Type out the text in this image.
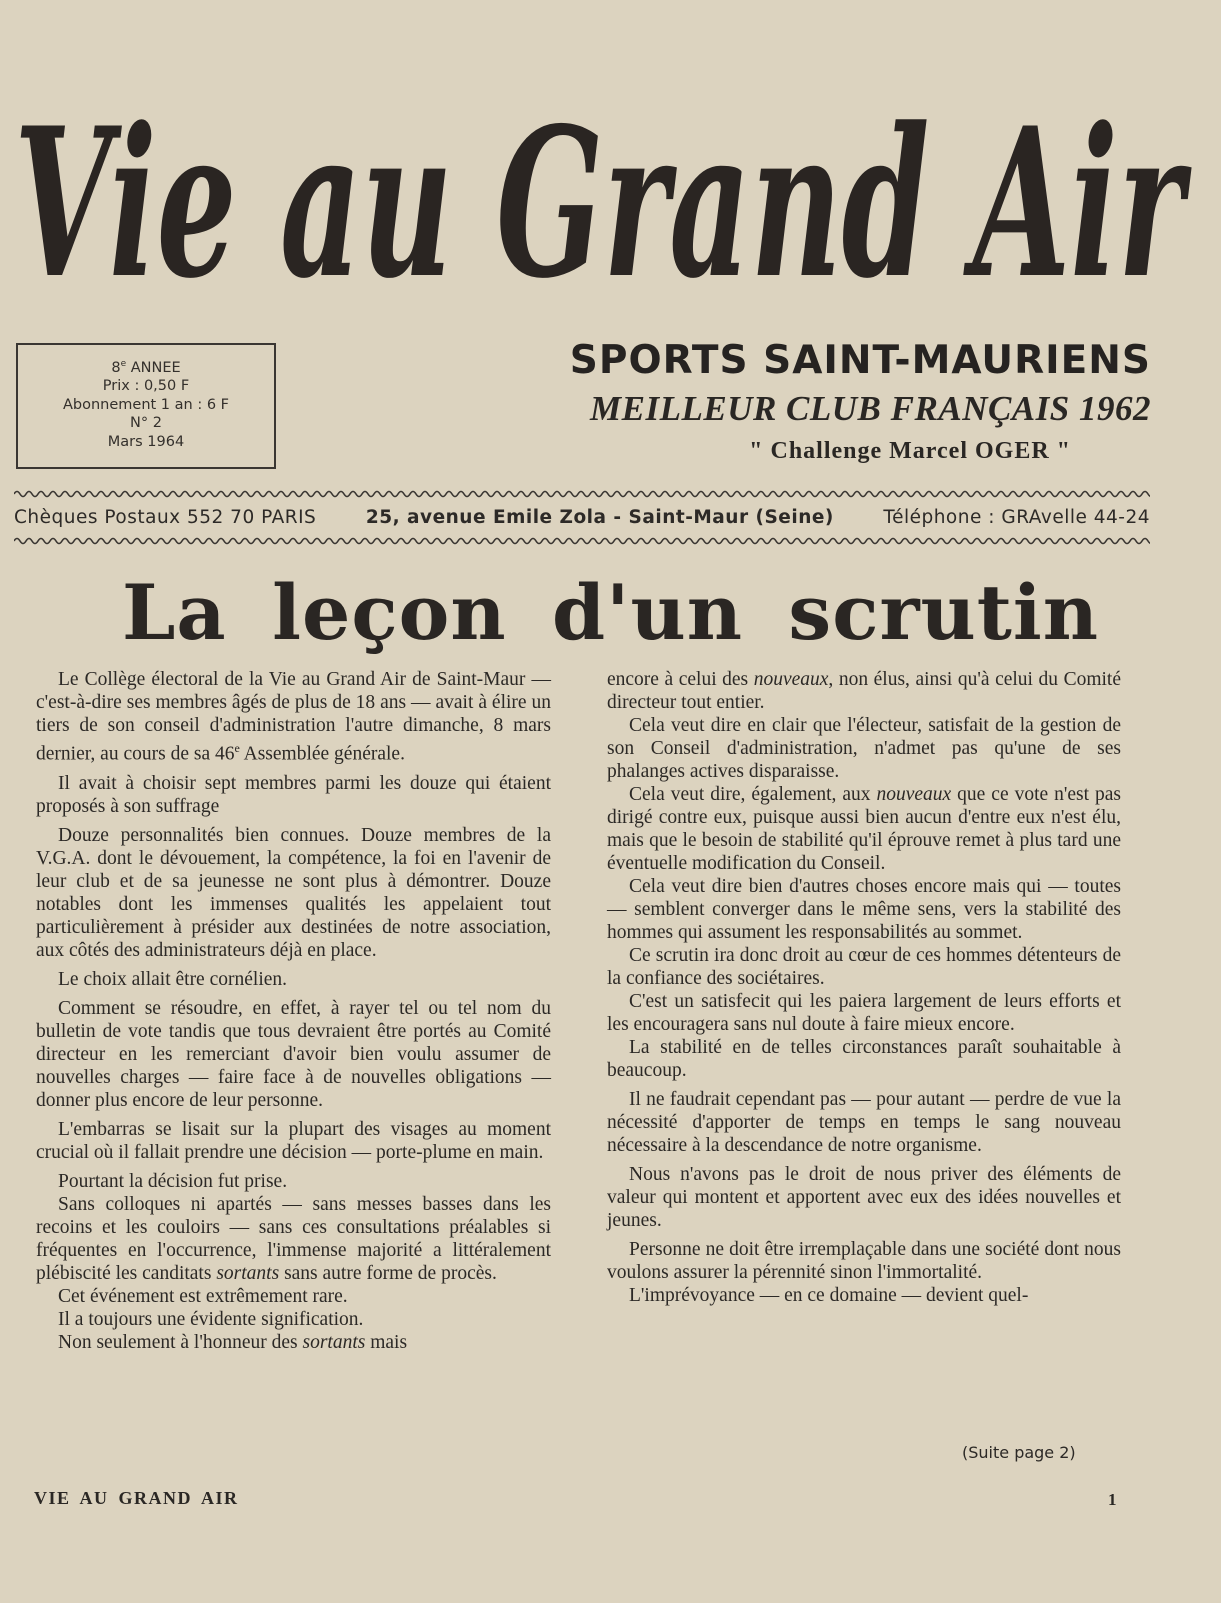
Vie au Grand Air
8e ANNEE
Prix : 0,50 F
Abonnement 1 an : 6 F
N° 2
Mars 1964
SPORTS SAINT-MAURIENS
MEILLEUR CLUB FRANÇAIS 1962
" Challenge Marcel OGER "
Chèques Postaux 552 70 PARIS	25, avenue Emile Zola - Saint-Maur (Seine)	Téléphone : GRAvelle 44-24
La leçon d'un scrutin

Le Collège électoral de la Vie au Grand Air de Saint-Maur — c'est-à-dire ses membres âgés de plus de 18 ans — avait à élire un tiers de son conseil d'administration l'autre dimanche, 8 mars dernier, au cours de sa 46e Assemblée générale.

Il avait à choisir sept membres parmi les douze qui étaient proposés à son suffrage

Douze personnalités bien connues. Douze membres de la V.G.A. dont le dévouement, la compétence, la foi en l'avenir de leur club et de sa jeunesse ne sont plus à démontrer. Douze notables dont les immenses qualités les appelaient tout particulièrement à présider aux destinées de notre association, aux côtés des administrateurs déjà en place.

Le choix allait être cornélien.

Comment se résoudre, en effet, à rayer tel ou tel nom du bulletin de vote tandis que tous devraient être portés au Comité directeur en les remerciant d'avoir bien voulu assumer de nouvelles charges — faire face à de nouvelles obligations — donner plus encore de leur personne.

L'embarras se lisait sur la plupart des visages au moment crucial où il fallait prendre une décision — porte-plume en main.

Pourtant la décision fut prise.

Sans colloques ni apartés — sans messes basses dans les recoins et les couloirs — sans ces consultations préalables si fréquentes en l'occurrence, l'immense majorité a littéralement plébiscité les canditats sortants sans autre forme de procès.

Cet événement est extrêmement rare.

Il a toujours une évidente signification.

Non seulement à l'honneur des sortants mais

encore à celui des nouveaux, non élus, ainsi qu'à celui du Comité directeur tout entier.

Cela veut dire en clair que l'électeur, satisfait de la gestion de son Conseil d'administration, n'admet pas qu'une de ses phalanges actives disparaisse.

Cela veut dire, également, aux nouveaux que ce vote n'est pas dirigé contre eux, puisque aussi bien aucun d'entre eux n'est élu, mais que le besoin de stabilité qu'il éprouve remet à plus tard une éventuelle modification du Conseil.

Cela veut dire bien d'autres choses encore mais qui — toutes — semblent converger dans le même sens, vers la stabilité des hommes qui assument les responsabilités au sommet.

Ce scrutin ira donc droit au cœur de ces hommes détenteurs de la confiance des sociétaires.

C'est un satisfecit qui les paiera largement de leurs efforts et les encouragera sans nul doute à faire mieux encore.

La stabilité en de telles circonstances paraît souhaitable à beaucoup.

Il ne faudrait cependant pas — pour autant — perdre de vue la nécessité d'apporter de temps en temps le sang nouveau nécessaire à la descendance de notre organisme.

Nous n'avons pas le droit de nous priver des éléments de valeur qui montent et apportent avec eux des idées nouvelles et jeunes.

Personne ne doit être irremplaçable dans une société dont nous voulons assurer la pérennité sinon l'immortalité.

L'imprévoyance — en ce domaine — devient quel-

(Suite page 2)
VIE AU GRAND AIR	1
